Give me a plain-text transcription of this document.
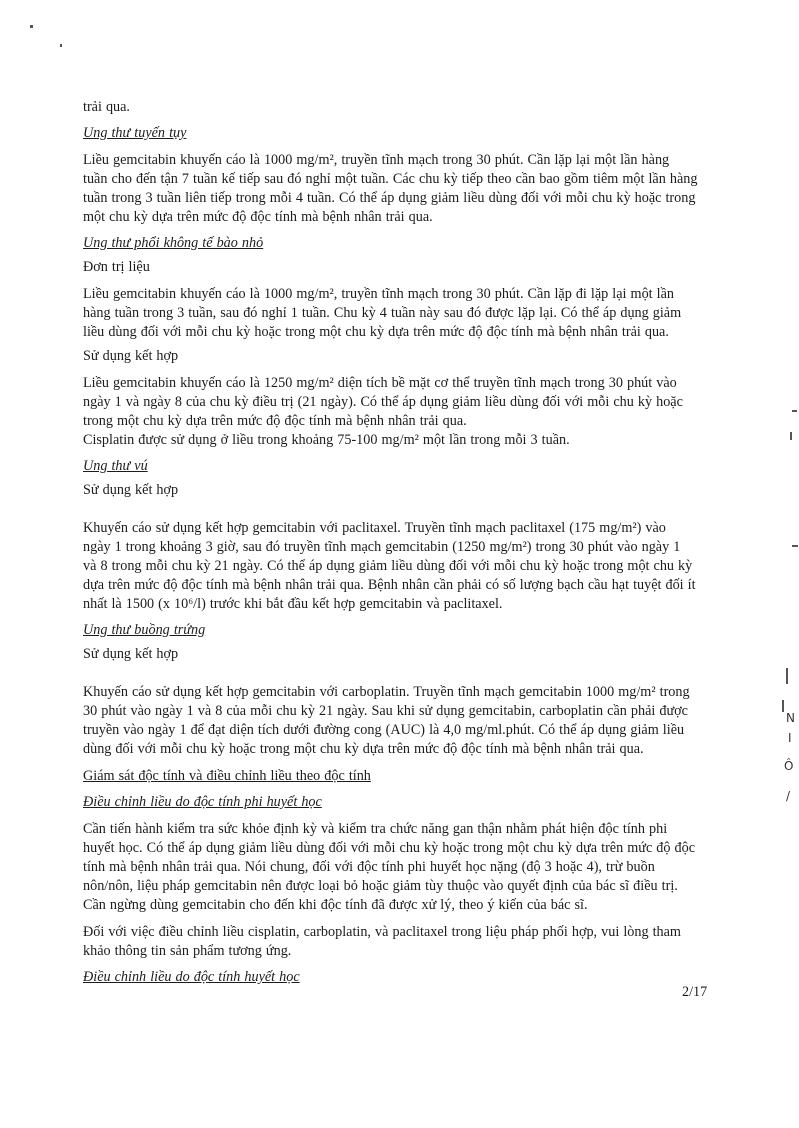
N
I
Ô
/
trải qua.
Ung thư tuyến tụy
Liều gemcitabin khuyến cáo là 1000 mg/m², truyền tĩnh mạch trong 30 phút. Cần lặp lại một lần hàng
tuần cho đến tận 7 tuần kế tiếp sau đó nghỉ một tuần. Các chu kỳ tiếp theo cần bao gồm tiêm một lần hàng
tuần trong 3 tuần liên tiếp trong mỗi 4 tuần. Có thể áp dụng giảm liều dùng đối với mỗi chu kỳ hoặc trong
một chu kỳ dựa trên mức độ độc tính mà bệnh nhân trải qua.
Ung thư phổi không tế bào nhỏ
Đơn trị liệu
Liều gemcitabin khuyến cáo là 1000 mg/m², truyền tĩnh mạch trong 30 phút. Cần lặp đi lặp lại một lần
hàng tuần trong 3 tuần, sau đó nghỉ 1 tuần. Chu kỳ 4 tuần này sau đó được lặp lại. Có thể áp dụng giảm
liều dùng đối với mỗi chu kỳ hoặc trong một chu kỳ dựa trên mức độ độc tính mà bệnh nhân trải qua.
Sử dụng kết hợp
Liều gemcitabin khuyến cáo là 1250 mg/m² diện tích bề mặt cơ thể truyền tĩnh mạch trong 30 phút vào
ngày 1 và ngày 8 của chu kỳ điều trị (21 ngày). Có thể áp dụng giảm liều dùng đối với mỗi chu kỳ hoặc
trong một chu kỳ dựa trên mức độ độc tính mà bệnh nhân trải qua.
Cisplatin được sử dụng ở liều trong khoảng 75-100 mg/m² một lần trong mỗi 3 tuần.
Ung thư vú
Sử dụng kết hợp
Khuyến cáo sử dụng kết hợp gemcitabin với paclitaxel. Truyền tĩnh mạch paclitaxel (175 mg/m²) vào
ngày 1 trong khoảng 3 giờ, sau đó truyền tĩnh mạch gemcitabin (1250 mg/m²) trong 30 phút vào ngày 1
và 8 trong mỗi chu kỳ 21 ngày. Có thể áp dụng giảm liều dùng đối với mỗi chu kỳ hoặc trong một chu kỳ
dựa trên mức độ độc tính mà bệnh nhân trải qua. Bệnh nhân cần phải có số lượng bạch cầu hạt tuyệt đối ít
nhất là 1500 (x 10⁶/l) trước khi bắt đầu kết hợp gemcitabin và paclitaxel.
Ung thư buồng trứng
Sử dụng kết hợp
Khuyến cáo sử dụng kết hợp gemcitabin với carboplatin. Truyền tĩnh mạch gemcitabin 1000 mg/m² trong
30 phút vào ngày 1 và 8 của mỗi chu kỳ 21 ngày. Sau khi sử dụng gemcitabin, carboplatin cần phải được
truyền vào ngày 1 để đạt diện tích dưới đường cong (AUC) là 4,0 mg/ml.phút. Có thể áp dụng giảm liều
dùng đối với mỗi chu kỳ hoặc trong một chu kỳ dựa trên mức độ độc tính mà bệnh nhân trải qua.
Giám sát độc tính và điều chỉnh liều theo độc tính
Điều chỉnh liều do độc tính phi huyết học
Cần tiến hành kiểm tra sức khỏe định kỳ và kiểm tra chức năng gan thận nhằm phát hiện độc tính phi
huyết học. Có thể áp dụng giảm liều dùng đối với mỗi chu kỳ hoặc trong một chu kỳ dựa trên mức độ độc
tính mà bệnh nhân trải qua. Nói chung, đối với độc tính phi huyết học nặng (độ 3 hoặc 4), trừ buồn
nôn/nôn, liệu pháp gemcitabin nên được loại bỏ hoặc giảm tùy thuộc vào quyết định của bác sĩ điều trị.
Cần ngừng dùng gemcitabin cho đến khi độc tính đã được xử lý, theo ý kiến của bác sĩ.
Đối với việc điều chỉnh liều cisplatin, carboplatin, và paclitaxel trong liệu pháp phối hợp, vui lòng tham
khảo thông tin sản phẩm tương ứng.
Điều chỉnh liều do độc tính huyết học
2/17
